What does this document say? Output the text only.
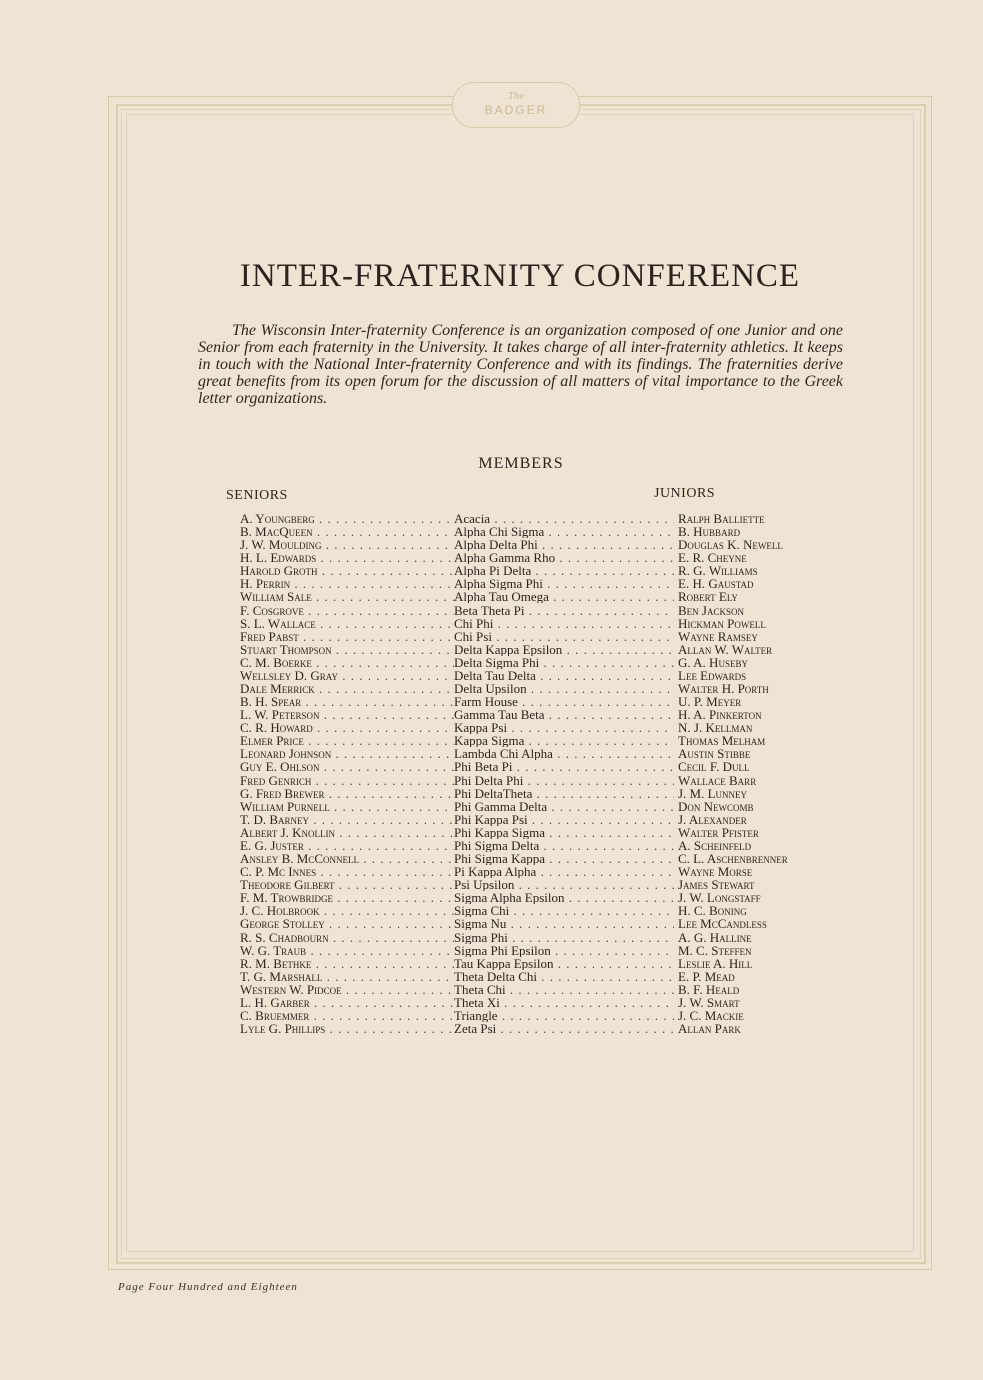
The
BADGER
INTER-FRATERNITY CONFERENCE
The Wisconsin Inter-fraternity Conference is an organization composed of one Junior and one Senior from each fraternity in the University. It takes charge of all inter-fraternity athletics. It keeps in touch with the National Inter-fraternity Conference and with its findings. The fraternities derive great benefits from its open forum for the discussion of all matters of vital importance to the Greek letter organizations.
MEMBERS
SENIORS	JUNIORS
A. Youngberg . . .	Acacia . . .	Ralph Balliette
B. MacQueen . . .	Alpha Chi Sigma . . .	B. Hubbard
J. W. Moulding . . .	Alpha Delta Phi . . .	Douglas K. Newell
H. L. Edwards . . .	Alpha Gamma Rho . . .	E. R. Cheyne
Harold Groth . . .	Alpha Pi Delta . . .	R. G. Williams
H. Perrin . . .	Alpha Sigma Phi . . .	E. H. Gaustad
William Sale . . .	Alpha Tau Omega . . .	Robert Ely
F. Cosgrove . . .	Beta Theta Pi . . .	Ben Jackson
S. L. Wallace . . .	Chi Phi . . .	Hickman Powell
Fred Pabst . . .	Chi Psi . . .	Wayne Ramsey
Stuart Thompson . . .	Delta Kappa Epsilon . . .	Allan W. Walter
C. M. Boerke . . .	Delta Sigma Phi . . .	G. A. Huseby
Wellsley D. Gray . . .	Delta Tau Delta . . .	Lee Edwards
Dale Merrick . . .	Delta Upsilon . . .	Walter H. Porth
B. H. Spear . . .	Farm House . . .	U. P. Meyer
L. W. Peterson . . .	Gamma Tau Beta . . .	H. A. Pinkerton
C. R. Howard . . .	Kappa Psi . . .	N. J. Kellman
Elmer Price . . .	Kappa Sigma . . .	Thomas Melham
Leonard Johnson . . .	Lambda Chi Alpha . . .	Austin Stibbe
Guy E. Ohlson . . .	Phi Beta Pi . . .	Cecil F. Dull
Fred Genrich . . .	Phi Delta Phi . . .	Wallace Barr
G. Fred Brewer . . .	Phi DeltaTheta . . .	J. M. Lunney
William Purnell . . .	Phi Gamma Delta . . .	Don Newcomb
T. D. Barney . . .	Phi Kappa Psi . . .	J. Alexander
Albert J. Knollin . . .	Phi Kappa Sigma . . .	Walter Pfister
E. G. Juster . . .	Phi Sigma Delta . . .	A. Scheinfeld
Ansley B. McConnell . . .	Phi Sigma Kappa . . .	C. L. Aschenbrenner
C. P. Mc Innes . . .	Pi Kappa Alpha . . .	Wayne Morse
Theodore Gilbert . . .	Psi Upsilon . . .	James Stewart
F. M. Trowbridge . . .	Sigma Alpha Epsilon . . .	J. W. Longstaff
J. C. Holbrook . . .	Sigma Chi . . .	H. C. Boning
George Stolley . . .	Sigma Nu . . .	Lee McCandless
R. S. Chadbourn . . .	Sigma Phi . . .	A. G. Halline
W. G. Traub . . .	Sigma Phi Epsilon . . .	M. C. Steffen
R. M. Bethke . . .	Tau Kappa Epsilon . . .	Leslie A. Hill
T. G. Marshall . . .	Theta Delta Chi . . .	E. P. Mead
Western W. Pidcoe . . .	Theta Chi . . .	B. F. Heald
L. H. Garber . . .	Theta Xi . . .	J. W. Smart
C. Bruemmer . . .	Triangle . . .	J. C. Mackie
Lyle G. Phillips . . .	Zeta Psi . . .	Allan Park
Page Four Hundred and Eighteen
